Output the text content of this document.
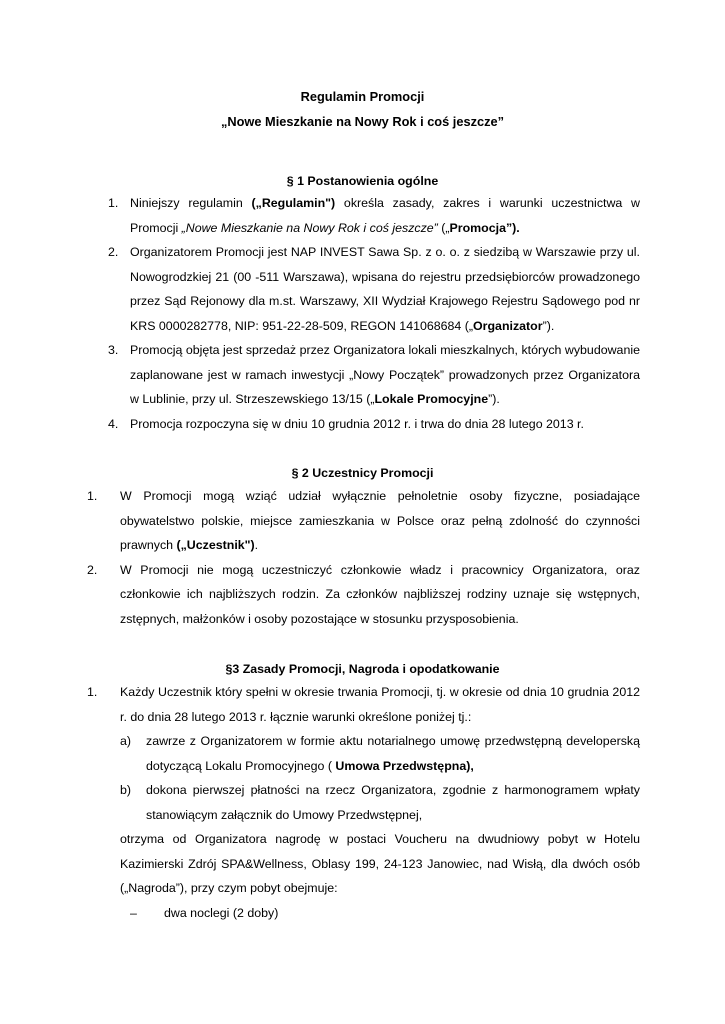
Regulamin Promocji
„Nowe Mieszkanie na Nowy Rok i coś jeszcze”
§ 1 Postanowienia ogólne
1. Niniejszy regulamin („Regulamin") określa zasady, zakres i warunki uczestnictwa w Promocji „Nowe Mieszkanie na Nowy Rok i coś jeszcze” („Promocja”).
2. Organizatorem Promocji jest NAP INVEST Sawa Sp. z o. o. z siedzibą w Warszawie przy ul. Nowogrodzkiej 21 (00 -511 Warszawa), wpisana do rejestru przedsiębiorców prowadzonego przez Sąd Rejonowy dla m.st. Warszawy, XII Wydział Krajowego Rejestru Sądowego pod nr KRS 0000282778, NIP: 951-22-28-509, REGON 141068684 („Organizator”).
3. Promocją objęta jest sprzedaż przez Organizatora lokali mieszkalnych, których wybudowanie zaplanowane jest w ramach inwestycji „Nowy Początek” prowadzonych przez Organizatora w Lublinie, przy ul. Strzeszewskiego 13/15 („Lokale Promocyjne”).
4. Promocja rozpoczyna się w dniu 10 grudnia 2012 r. i trwa do dnia 28 lutego 2013 r.
§ 2 Uczestnicy Promocji
1. W Promocji mogą wziąć udział wyłącznie pełnoletnie osoby fizyczne, posiadające obywatelstwo polskie, miejsce zamieszkania w Polsce oraz pełną zdolność do czynności prawnych („Uczestnik").
2. W Promocji nie mogą uczestniczyć członkowie władz i pracownicy Organizatora, oraz członkowie ich najbliższych rodzin. Za członków najbliższej rodziny uznaje się wstępnych, zstępnych, małżonków i osoby pozostające w stosunku przysposobienia.
§3 Zasady Promocji, Nagroda i opodatkowanie
1. Każdy Uczestnik który spełni w okresie trwania Promocji, tj. w okresie od dnia 10 grudnia 2012 r. do dnia 28 lutego 2013 r. łącznie warunki określone poniżej tj.:
a) zawrze z Organizatorem w formie aktu notarialnego umowę przedwstępną developerską dotyczącą Lokalu Promocyjnego ( Umowa Przedwstępna),
b) dokona pierwszej płatności na rzecz Organizatora, zgodnie z harmonogramem wpłaty stanowiącym załącznik do Umowy Przedwstępnej,

otrzyma od Organizatora nagrodę w postaci Voucheru na dwudniowy pobyt w Hotelu Kazimierski Zdrój SPA&Wellness, Oblasy 199, 24-123 Janowiec, nad Wisłą, dla dwóch osób („Nagroda”), przy czym pobyt obejmuje:

– dwa noclegi (2 doby)
